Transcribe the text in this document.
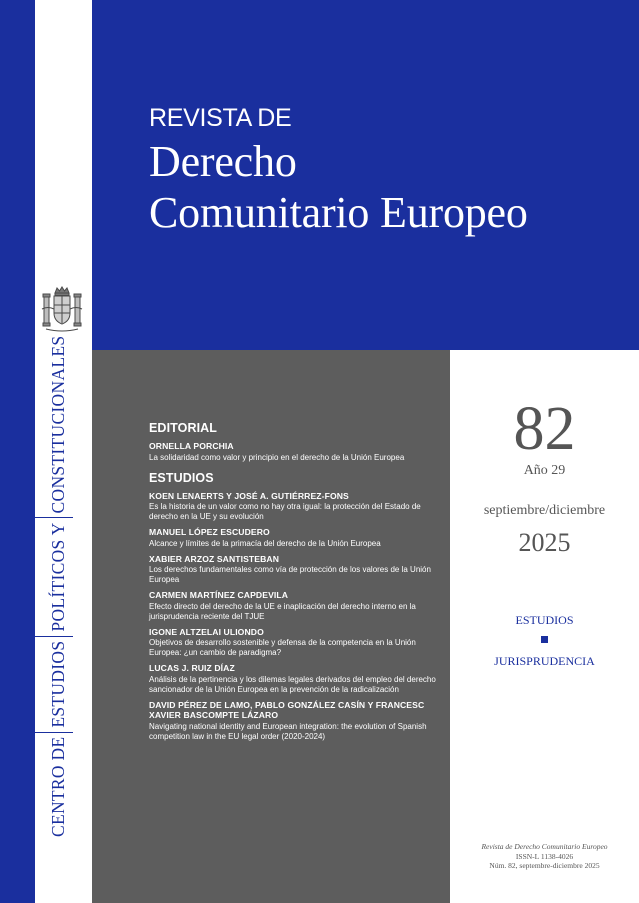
CENTRO DE
ESTUDIOS
POLÍTICOS Y
CONSTITUCIONALES
REVISTA DE
Derecho
Comunitario Europeo
EDITORIAL
ORNELLA PORCHIA
La solidaridad como valor y principio en el derecho de la Unión Europea
ESTUDIOS
KOEN LENAERTS Y JOSÉ A. GUTIÉRREZ-FONS
Es la historia de un valor como no hay otra igual: la protección del Estado de derecho en la UE y su evolución
MANUEL LÓPEZ ESCUDERO
Alcance y límites de la primacía del derecho de la Unión Europea
XABIER ARZOZ SANTISTEBAN
Los derechos fundamentales como vía de protección de los valores de la Unión Europea
CARMEN MARTÍNEZ CAPDEVILA
Efecto directo del derecho de la UE e inaplicación del derecho interno en la jurisprudencia reciente del TJUE
IGONE ALTZELAI ULIONDO
Objetivos de desarrollo sostenible y defensa de la competencia en la Unión Europea: ¿un cambio de paradigma?
LUCAS J. RUIZ DÍAZ
Análisis de la pertinencia y los dilemas legales derivados del empleo del derecho sancionador de la Unión Europea en la prevención de la radicalización
DAVID PÉREZ DE LAMO, PABLO GONZÁLEZ CASÍN Y FRANCESC XAVIER BASCOMPTE LÁZARO
Navigating national identity and European integration: the evolution of Spanish competition law in the EU legal order (2020-2024)
82
Año 29
septiembre/diciembre
2025
ESTUDIOS
JURISPRUDENCIA
Revista de Derecho Comunitario Europeo
ISSN-L 1138-4026
Núm. 82, septembre-diciembre 2025
